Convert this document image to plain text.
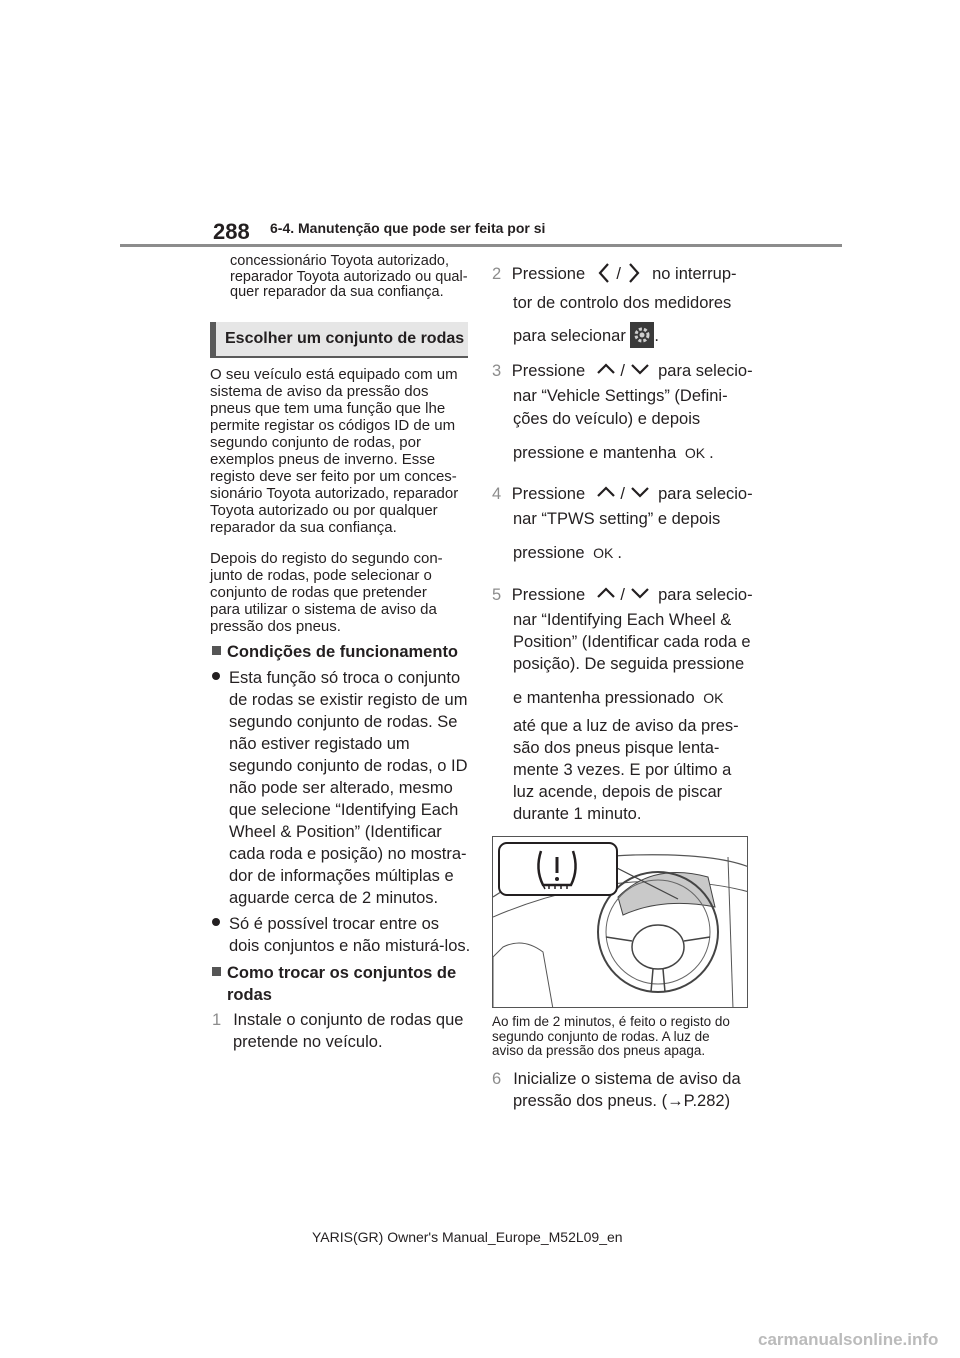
288 6-4. Manutenção que pode ser feita por si
concessionário Toyota autorizado,
reparador Toyota autorizado ou qual-
quer reparador da sua confiança.
Escolher um conjunto de rodas
O seu veículo está equipado com um
sistema de aviso da pressão dos
pneus que tem uma função que lhe
permite registar os códigos ID de um
segundo conjunto de rodas, por
exemplos pneus de inverno. Esse
registo deve ser feito por um conces-
sionário Toyota autorizado, reparador
Toyota autorizado ou por qualquer
reparador da sua confiança.
Depois do registo do segundo con-
junto de rodas, pode selecionar o
conjunto de rodas que pretender
para utilizar o sistema de aviso da
pressão dos pneus.
Condições de funcionamento
Esta função só troca o conjunto
de rodas se existir registo de um
segundo conjunto de rodas. Se
não estiver registado um
segundo conjunto de rodas, o ID
não pode ser alterado, mesmo
que selecione “Identifying Each
Wheel & Position” (Identificar
cada roda e posição) no mostra-
dor de informações múltiplas e
aguarde cerca de 2 minutos.
Só é possível trocar entre os
dois conjuntos e não misturá-los.
Como trocar os conjuntos de
rodas
1 Instale o conjunto de rodas que
pretende no veículo.
2 Pressione / no interrup-
tor de controlo dos medidores
para selecionar .
3 Pressione / para selecio-
nar “Vehicle Settings” (Defini-
ções do veículo) e depois
pressione e mantenha OK .
4 Pressione / para selecio-
nar “TPWS setting” e depois
pressione OK .
5 Pressione / para selecio-
nar “Identifying Each Wheel &
Position” (Identificar cada roda e
posição). De seguida pressione
e mantenha pressionado OK
até que a luz de aviso da pres-
são dos pneus pisque lenta-
mente 3 vezes. E por último a
luz acende, depois de piscar
durante 1 minuto.
Ao fim de 2 minutos, é feito o registo do
segundo conjunto de rodas. A luz de
aviso da pressão dos pneus apaga.
6 Inicialize o sistema de aviso da
pressão dos pneus. (→P.282)
YARIS(GR) Owner's Manual_Europe_M52L09_en
carmanualsonline.info
